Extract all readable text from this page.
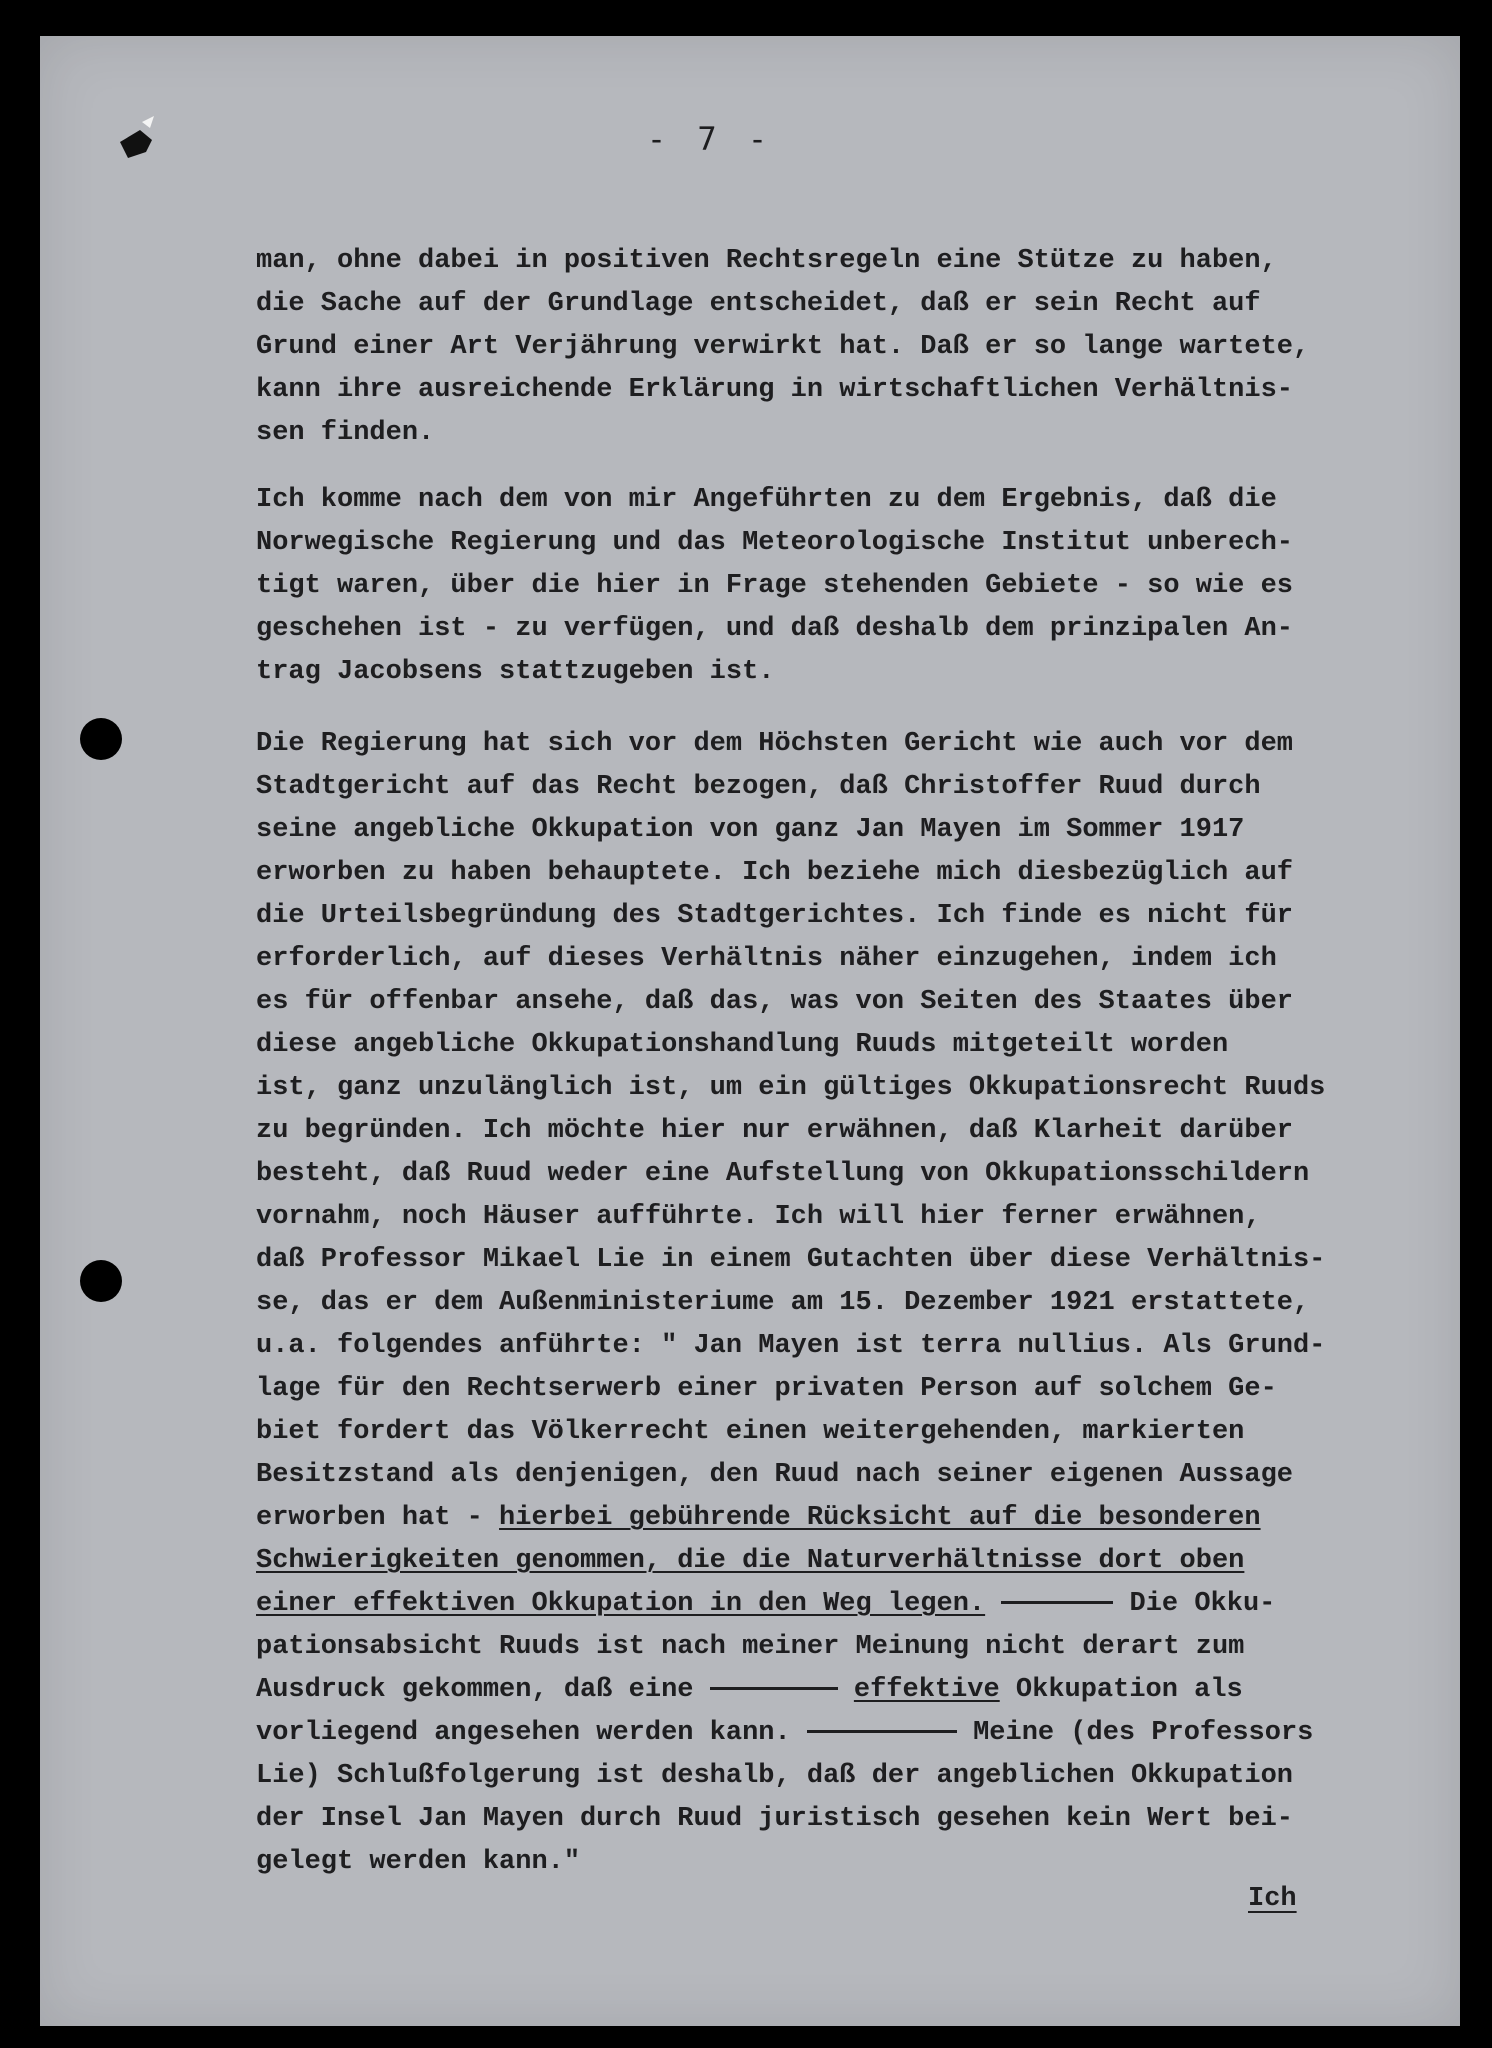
- 7 -
man, ohne dabei in positiven Rechtsregeln eine Stütze zu haben,
die Sache auf der Grundlage entscheidet, daß er sein Recht auf
Grund einer Art Verjährung verwirkt hat. Daß er so lange wartete,
kann ihre ausreichende Erklärung in wirtschaftlichen Verhältnis-
sen finden.
Ich komme nach dem von mir Angeführten zu dem Ergebnis, daß die
Norwegische Regierung und das Meteorologische Institut unberech-
tigt waren, über die hier in Frage stehenden Gebiete - so wie es
geschehen ist - zu verfügen, und daß deshalb dem prinzipalen An-
trag Jacobsens stattzugeben ist.
Die Regierung hat sich vor dem Höchsten Gericht wie auch vor dem
Stadtgericht auf das Recht bezogen, daß Christoffer Ruud durch
seine angebliche Okkupation von ganz Jan Mayen im Sommer 1917
erworben zu haben behauptete. Ich beziehe mich diesbezüglich auf
die Urteilsbegründung des Stadtgerichtes. Ich finde es nicht für
erforderlich, auf dieses Verhältnis näher einzugehen, indem ich
es für offenbar ansehe, daß das, was von Seiten des Staates über
diese angebliche Okkupationshandlung Ruuds mitgeteilt worden
ist, ganz unzulänglich ist, um ein gültiges Okkupationsrecht Ruuds
zu begründen. Ich möchte hier nur erwähnen, daß Klarheit darüber
besteht, daß Ruud weder eine Aufstellung von Okkupationsschildern
vornahm, noch Häuser aufführte. Ich will hier ferner erwähnen,
daß Professor Mikael Lie in einem Gutachten über diese Verhältnis-
se, das er dem Außenministeriume am 15. Dezember 1921 erstattete,
u.a. folgendes anführte: " Jan Mayen ist terra nullius. Als Grund-
lage für den Rechtserwerb einer privaten Person auf solchem Ge-
biet fordert das Völkerrecht einen weitergehenden, markierten
Besitzstand als denjenigen, den Ruud nach seiner eigenen Aussage
erworben hat - hierbei gebührende Rücksicht auf die besonderen
Schwierigkeiten genommen, die die Naturverhältnisse dort oben
einer effektiven Okkupation in den Weg legen.	Die Okku-
pationsabsicht Ruuds ist nach meiner Meinung nicht derart zum
Ausdruck gekommen, daß eine	effektive Okkupation als
vorliegend angesehen werden kann.	Meine (des Professors
Lie) Schlußfolgerung ist deshalb, daß der angeblichen Okkupation
der Insel Jan Mayen durch Ruud juristisch gesehen kein Wert bei-
gelegt werden kann."
Ich
